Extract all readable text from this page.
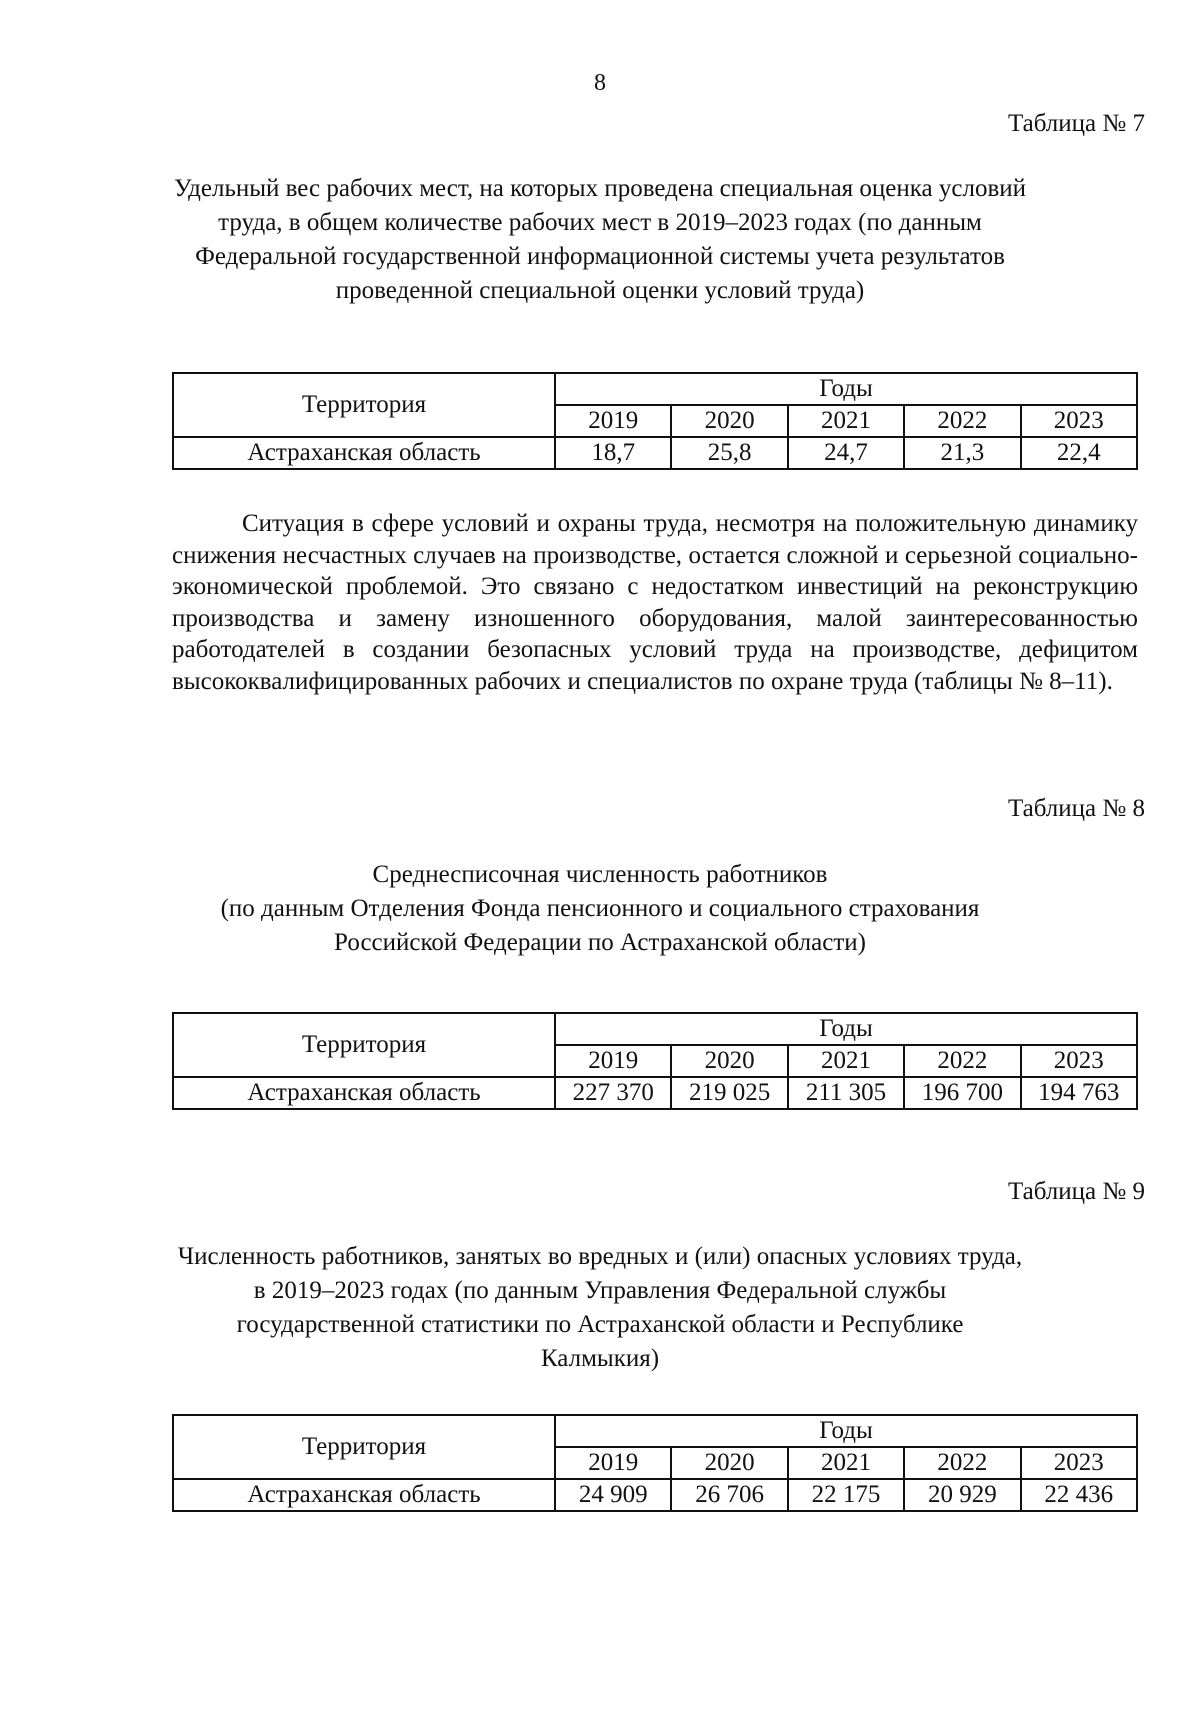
8
Таблица № 7
Удельный вес рабочих мест, на которых проведена специальная оценка условий
труда, в общем количестве рабочих мест в 2019–2023 годах (по данным
Федеральной государственной информационной системы учета результатов
проведенной специальной оценки условий труда)
Территория	Годы				
	2019	2020	2021	2022	2023
Астраханская область	18,7	25,8	24,7	21,3	22,4

Ситуация в сфере условий и охраны труда, несмотря на положительную динамику снижения несчастных случаев на производстве, остается сложной и серьезной социально-экономической проблемой. Это связано с недостатком инвестиций на реконструкцию производства и замену изношенного оборудования, малой заинтересованностью работодателей в создании безопасных условий труда на производстве, дефицитом высококвалифицированных рабочих и специалистов по охране труда (таблицы № 8–11).

Таблица № 8
Среднесписочная численность работников
(по данным Отделения Фонда пенсионного и социального страхования
Российской Федерации по Астраханской области)
Территория	Годы				
	2019	2020	2021	2022	2023
Астраханская область	227 370	219 025	211 305	196 700	194 763
Таблица № 9
Численность работников, занятых во вредных и (или) опасных условиях труда,
в 2019–2023 годах (по данным Управления Федеральной службы
государственной статистики по Астраханской области и Республике
Калмыкия)
Территория	Годы				
	2019	2020	2021	2022	2023
Астраханская область	24 909	26 706	22 175	20 929	22 436
